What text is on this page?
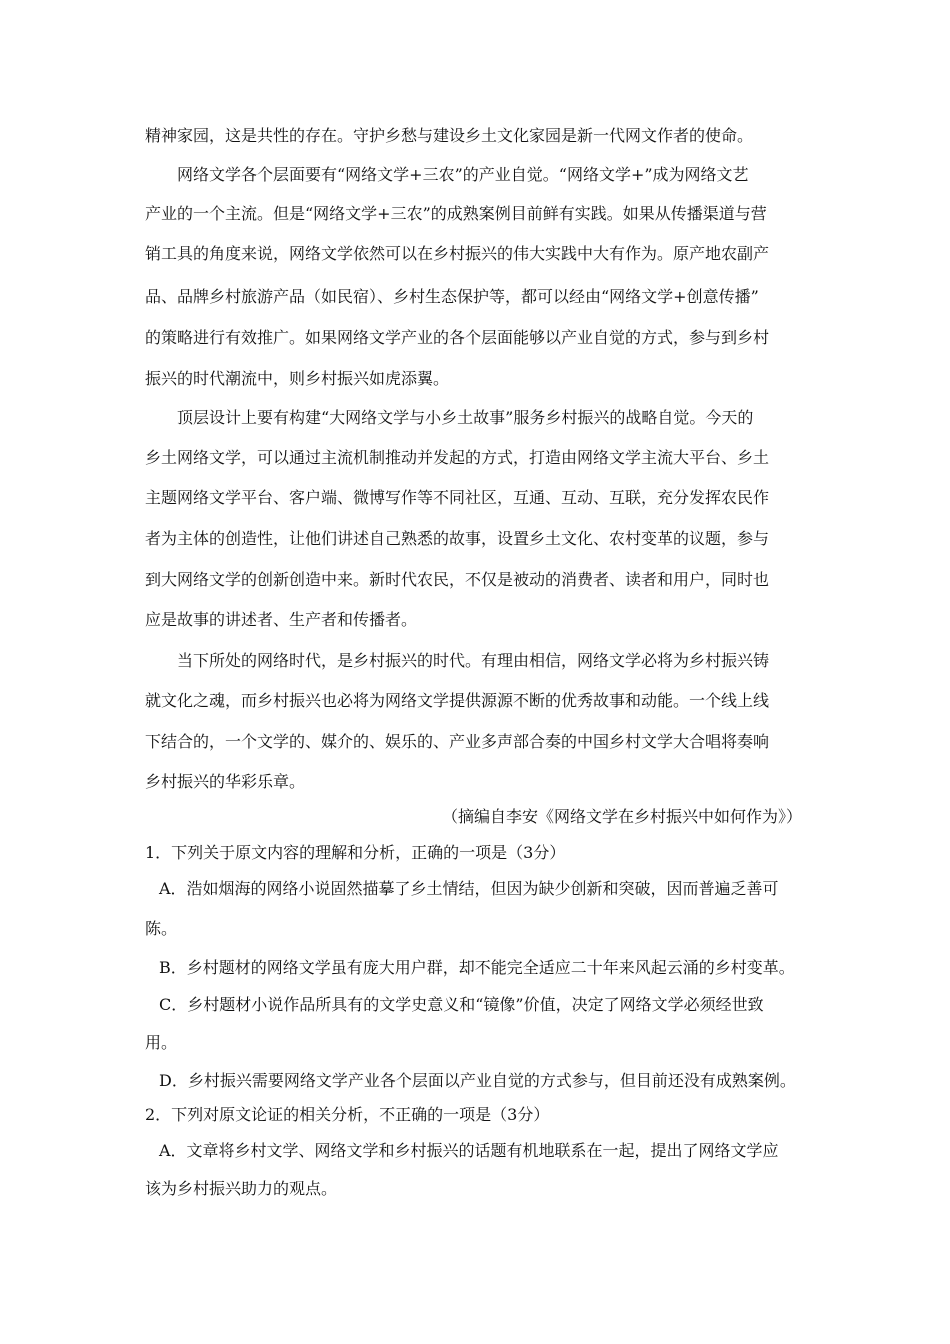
精神家园，这是共性的存在。守护乡愁与建设乡土文化家园是新一代网文作者的使命。
网络文学各个层面要有“网络文学+三农”的产业自觉。“网络文学+”成为网络文艺
产业的一个主流。但是“网络文学+三农”的成熟案例目前鲜有实践。如果从传播渠道与营
销工具的角度来说，网络文学依然可以在乡村振兴的伟大实践中大有作为。原产地农副产
品、品牌乡村旅游产品（如民宿）、乡村生态保护等，都可以经由“网络文学+创意传播”
的策略进行有效推广。如果网络文学产业的各个层面能够以产业自觉的方式，参与到乡村
振兴的时代潮流中，则乡村振兴如虎添翼。
顶层设计上要有构建“大网络文学与小乡土故事”服务乡村振兴的战略自觉。今天的
乡土网络文学，可以通过主流机制推动并发起的方式，打造由网络文学主流大平台、乡土
主题网络文学平台、客户端、微博写作等不同社区，互通、互动、互联，充分发挥农民作
者为主体的创造性，让他们讲述自己熟悉的故事，设置乡土文化、农村变革的议题，参与
到大网络文学的创新创造中来。新时代农民，不仅是被动的消费者、读者和用户，同时也
应是故事的讲述者、生产者和传播者。
当下所处的网络时代，是乡村振兴的时代。有理由相信，网络文学必将为乡村振兴铸
就文化之魂，而乡村振兴也必将为网络文学提供源源不断的优秀故事和动能。一个线上线
下结合的，一个文学的、媒介的、娱乐的、产业多声部合奏的中国乡村文学大合唱将奏响
乡村振兴的华彩乐章。
（摘编自李安《网络文学在乡村振兴中如何作为》）
1．下列关于原文内容的理解和分析，正确的一项是（3分）
A．浩如烟海的网络小说固然描摹了乡土情结，但因为缺少创新和突破，因而普遍乏善可
陈。
B．乡村题材的网络文学虽有庞大用户群，却不能完全适应二十年来风起云涌的乡村变革。
C．乡村题材小说作品所具有的文学史意义和“镜像”价值，决定了网络文学必须经世致
用。
D．乡村振兴需要网络文学产业各个层面以产业自觉的方式参与，但目前还没有成熟案例。
2．下列对原文论证的相关分析，不正确的一项是（3分）
A．文章将乡村文学、网络文学和乡村振兴的话题有机地联系在一起，提出了网络文学应
该为乡村振兴助力的观点。
